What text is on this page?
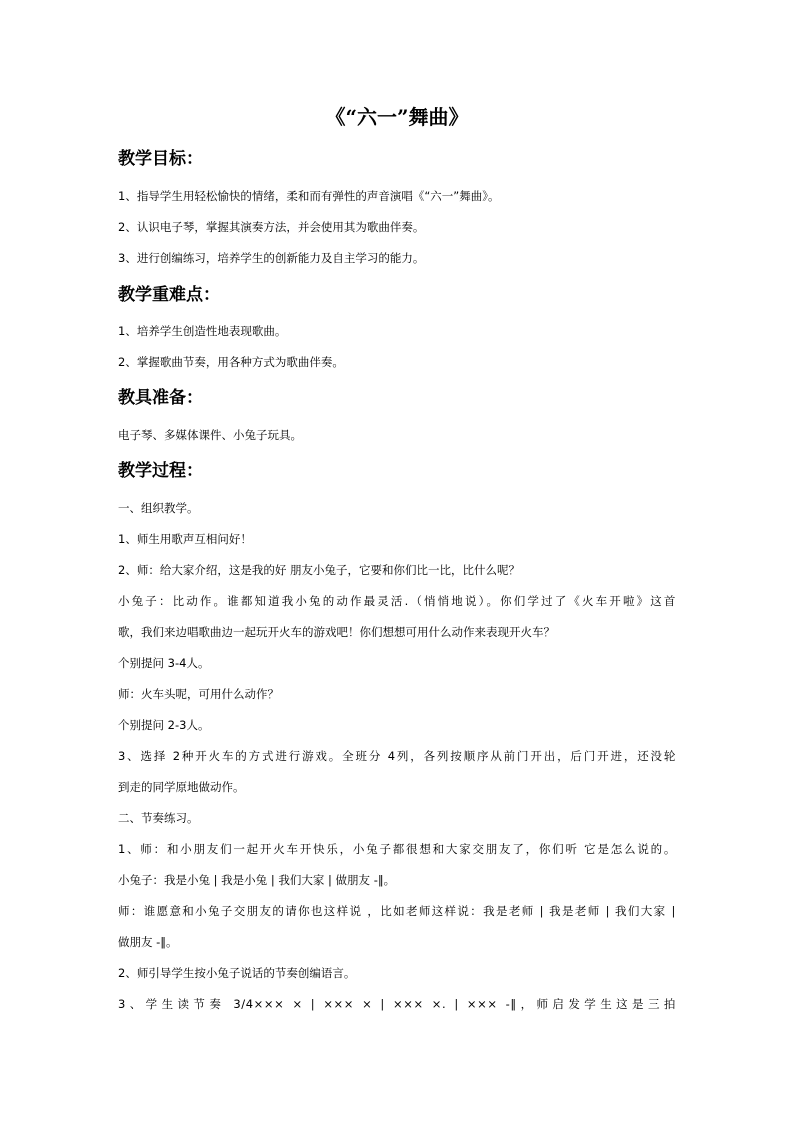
《“六一”舞曲》
教学目标：
1、指导学生用轻松愉快的情绪，柔和而有弹性的声音演唱《“六一”舞曲》。
2、认识电子琴，掌握其演奏方法，并会使用其为歌曲伴奏。
3、进行创编练习，培养学生的创新能力及自主学习的能力。
教学重难点：
1、培养学生创造性地表现歌曲。
2、掌握歌曲节奏，用各种方式为歌曲伴奏。
教具准备：
电子琴、多媒体课件、小兔子玩具。
教学过程：
一、组织教学。
1、师生用歌声互相问好！
2、师：给大家介绍，这是我的好 朋友小兔子，它要和你们比一比，比什么呢？
小兔子：比动作。谁都知道我小兔的动作最灵活.（悄悄地说）。你们学过了《火车开啦》这首
歌，我们来边唱歌曲边一起玩开火车的游戏吧！你们想想可用什么动作来表现开火车？
个别提问 3-4人。
师：火车头呢，可用什么动作？
个别提问 2-3人。
3、选择 2种开火车的方式进行游戏。全班分 4列，各列按顺序从前门开出，后门开进，还没轮
到走的同学原地做动作。
二、节奏练习。
1、师：和小朋友们一起开火车开快乐，小兔子都很想和大家交朋友了，你们听 它是怎么说的。
小兔子：我是小兔 | 我是小兔 | 我们大家 | 做朋友 -‖。
师：谁愿意和小兔子交朋友的请你也这样说 ，比如老师这样说：我是老师 | 我是老师 | 我们大家 |
做朋友 -‖。
2、师引导学生按小兔子说话的节奏创编语言。
3、学生读节奏 3/4××× × | ××× × | ××× ×. | ××× -‖，师启发学生这是三拍
